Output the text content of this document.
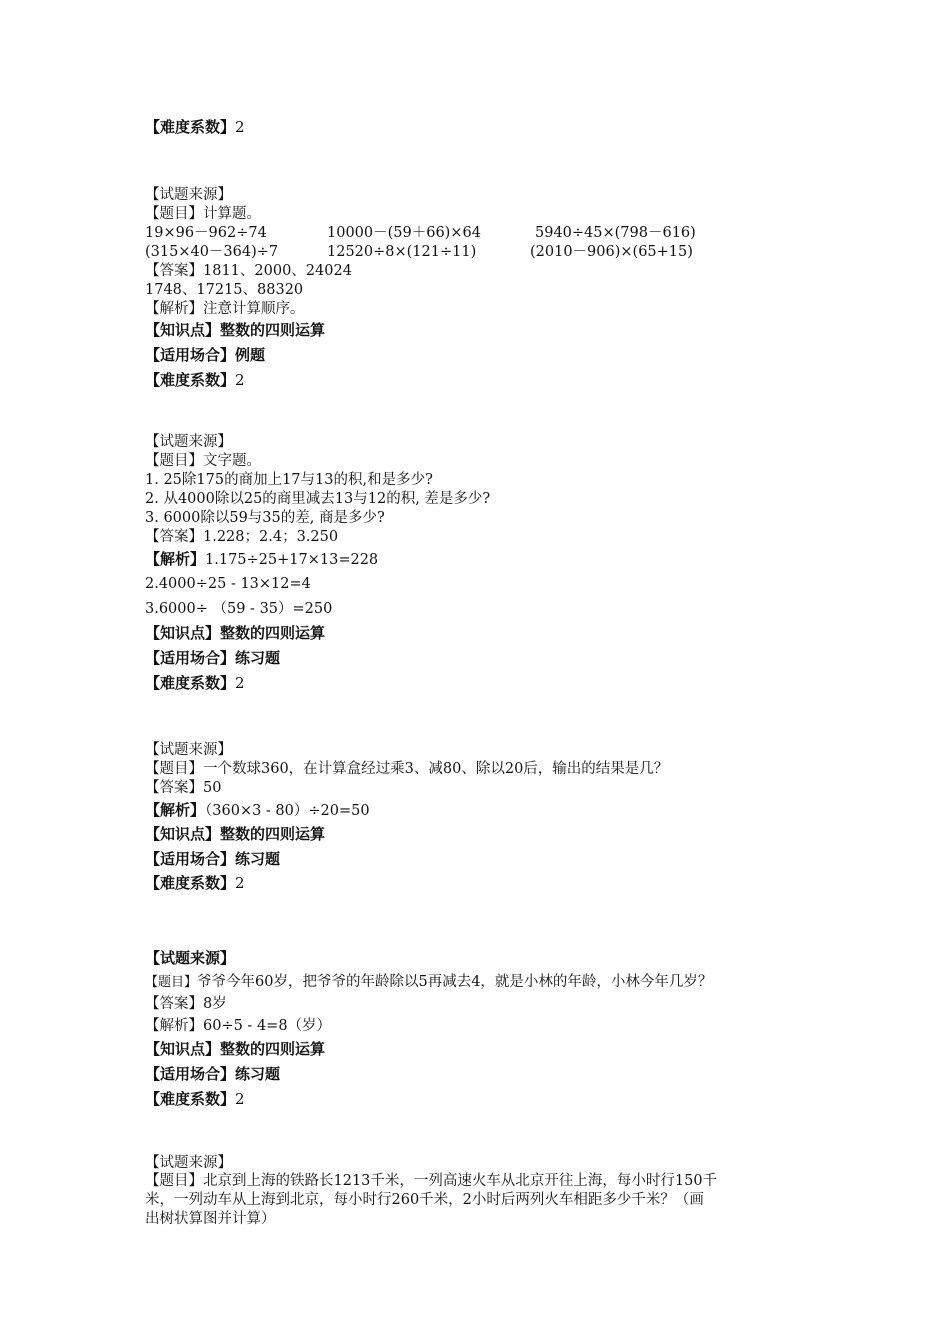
【难度系数】2
【试题来源】
【题目】计算题。
19×96－962÷74	10000－(59＋66)×64	5940÷45×(798－616)
(315×40－364)÷7	12520÷8×(121÷11)	(2010－906)×(65+15)
【答案】1811、2000、24024
1748、17215、88320
【解析】注意计算顺序。
【知识点】整数的四则运算
【适用场合】例题
【难度系数】2
【试题来源】
【题目】文字题。
1. 25除175的商加上17与13的积,和是多少?
2. 从4000除以25的商里减去13与12的积, 差是多少?
3. 6000除以59与35的差, 商是多少?
【答案】1.228；2.4；3.250
【解析】1.175÷25+17×13=228
2.4000÷25 - 13×12=4
3.6000÷ （59 - 35）=250
【知识点】整数的四则运算
【适用场合】练习题
【难度系数】2
【试题来源】
【题目】一个数球360，在计算盒经过乘3、减80、除以20后，输出的结果是几？
【答案】50
【解析】（360×3 - 80）÷20=50
【知识点】整数的四则运算
【适用场合】练习题
【难度系数】2
【试题来源】
【题目】爷爷今年60岁，把爷爷的年龄除以5再减去4，就是小林的年龄，小林今年几岁？
【答案】8岁
【解析】60÷5 - 4=8（岁）
【知识点】整数的四则运算
【适用场合】练习题
【难度系数】2
【试题来源】
【题目】北京到上海的铁路长1213千米，一列高速火车从北京开往上海，每小时行150千
米，一列动车从上海到北京，每小时行260千米，2小时后两列火车相距多少千米？（画
出树状算图并计算）
